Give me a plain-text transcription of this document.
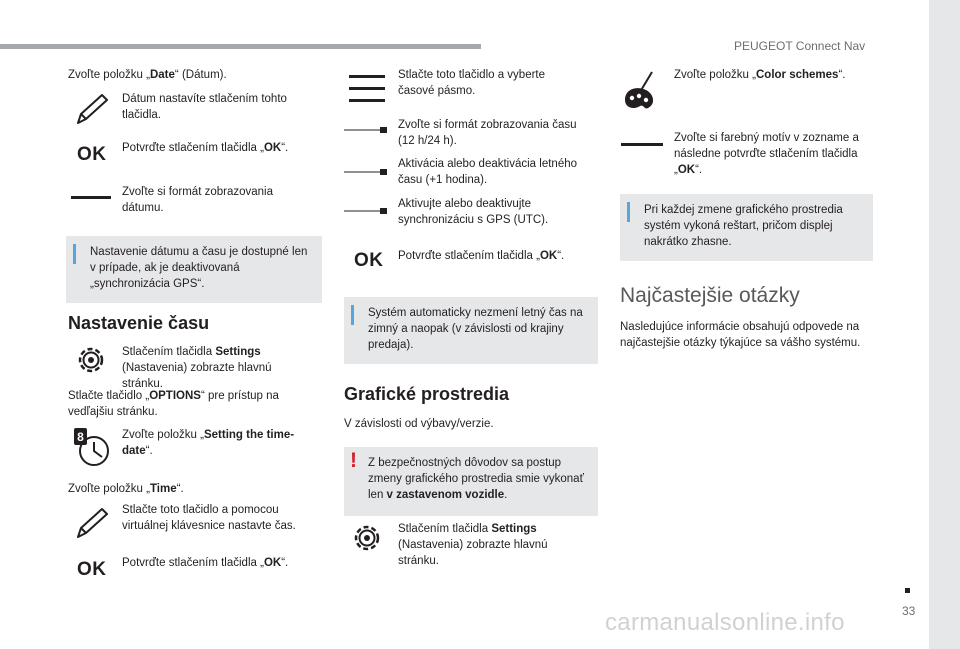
PEUGEOT Connect Nav
33
carmanualsonline.info
Zvoľte položku „Date“ (Dátum).
Dátum nastavíte stlačením tohto tlačidla.
OK Potvrďte stlačením tlačidla „OK“.
Zvoľte si formát zobrazovania dátumu.
Nastavenie dátumu a času je dostupné len v prípade, ak je deaktivovaná „synchronizácia GPS“.
Nastavenie času
Stlačením tlačidla Settings (Nastavenia) zobrazte hlavnú stránku.
Stlačte tlačidlo „OPTIONS“ pre prístup na vedľajšiu stránku.
8	Zvoľte položku „Setting the time-date“.
Zvoľte položku „Time“.
Stlačte toto tlačidlo a pomocou virtuálnej klávesnice nastavte čas.
OK Potvrďte stlačením tlačidla „OK“.
Stlačte toto tlačidlo a vyberte časové pásmo.
Zvoľte si formát zobrazovania času (12 h/24 h).
Aktivácia alebo deaktivácia letného času (+1 hodina).
Aktivujte alebo deaktivujte synchronizáciu s GPS (UTC).
OK Potvrďte stlačením tlačidla „OK“.
Systém automaticky nezmení letný čas na zimný a naopak (v závislosti od krajiny predaja).
Grafické prostredia
V závislosti od výbavy/verzie.
! Z bezpečnostných dôvodov sa postup zmeny grafického prostredia smie vykonať len v zastavenom vozidle.
Stlačením tlačidla Settings (Nastavenia) zobrazte hlavnú stránku.
Zvoľte položku „Color schemes“.
Zvoľte si farebný motív v zozname a následne potvrďte stlačením tlačidla „OK“.
Pri každej zmene grafického prostredia systém vykoná reštart, pričom displej nakrátko zhasne.
Najčastejšie otázky
Nasledujúce informácie obsahujú odpovede na najčastejšie otázky týkajúce sa vášho systému.
